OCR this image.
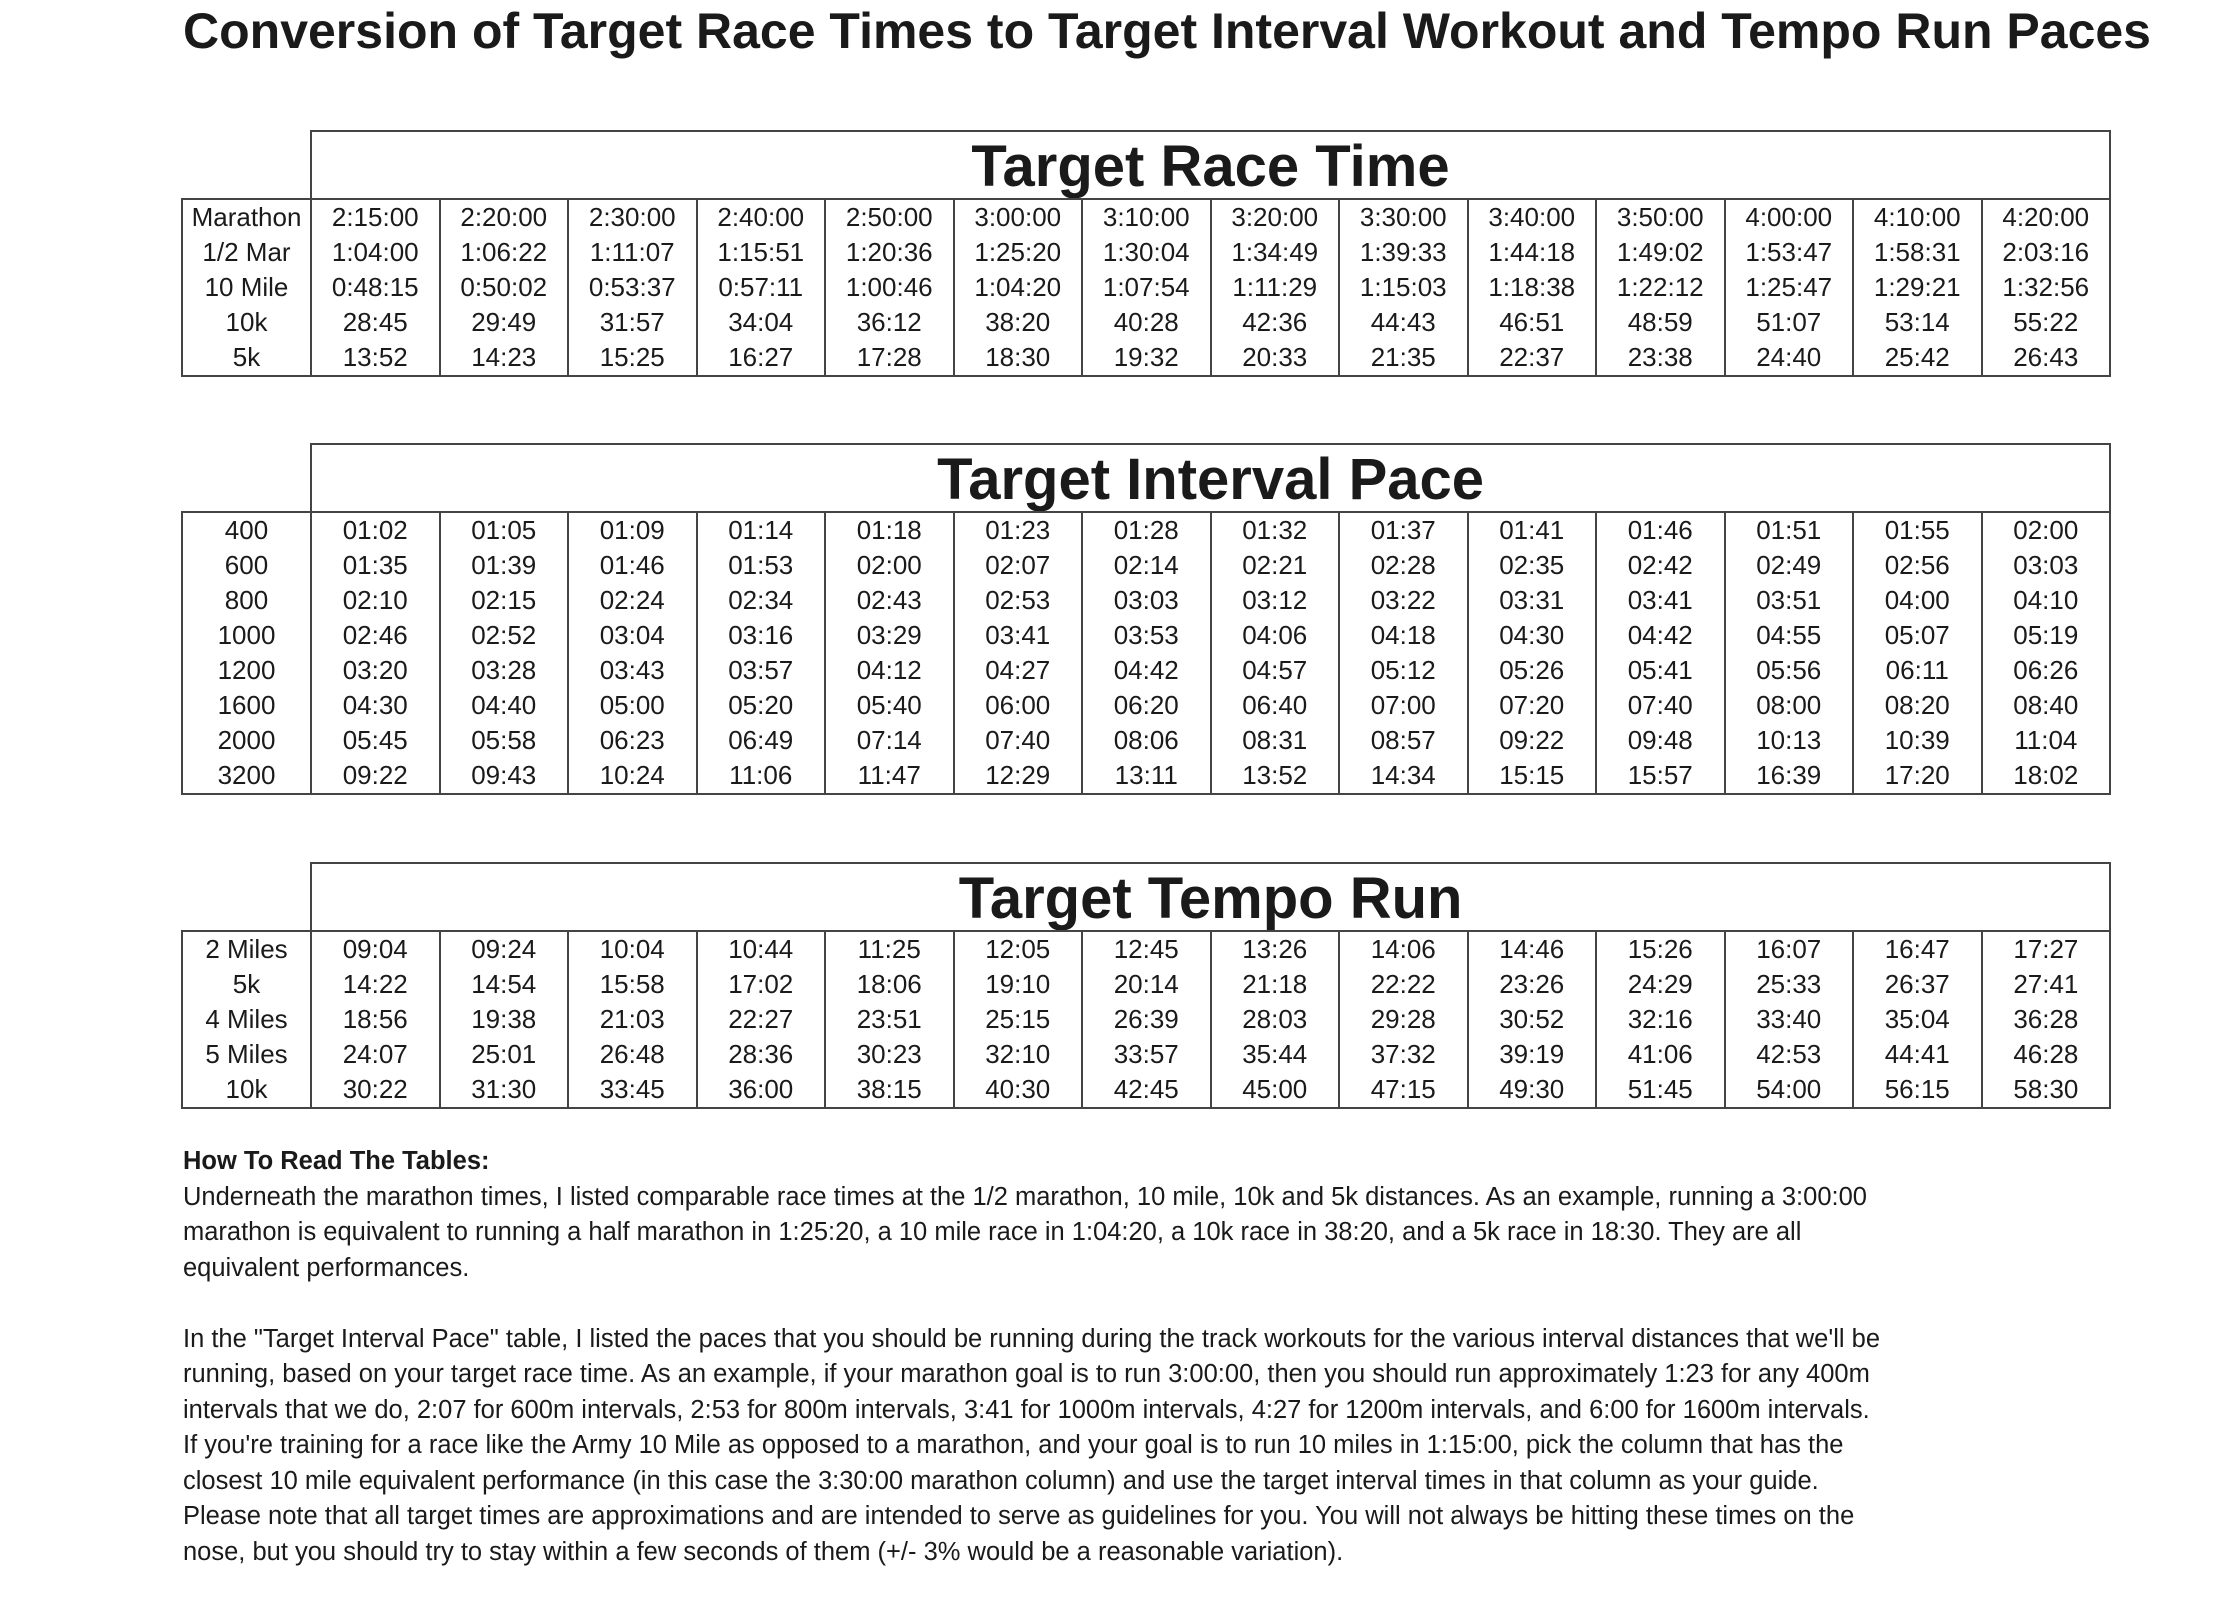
Conversion of Target Race Times to Target Interval Workout and Tempo Run Paces
	Target Race Time													
Marathon	2:15:00	2:20:00	2:30:00	2:40:00	2:50:00	3:00:00	3:10:00	3:20:00	3:30:00	3:40:00	3:50:00	4:00:00	4:10:00	4:20:00
1/2 Mar	1:04:00	1:06:22	1:11:07	1:15:51	1:20:36	1:25:20	1:30:04	1:34:49	1:39:33	1:44:18	1:49:02	1:53:47	1:58:31	2:03:16
10 Mile	0:48:15	0:50:02	0:53:37	0:57:11	1:00:46	1:04:20	1:07:54	1:11:29	1:15:03	1:18:38	1:22:12	1:25:47	1:29:21	1:32:56
10k	28:45	29:49	31:57	34:04	36:12	38:20	40:28	42:36	44:43	46:51	48:59	51:07	53:14	55:22
5k	13:52	14:23	15:25	16:27	17:28	18:30	19:32	20:33	21:35	22:37	23:38	24:40	25:42	26:43
	Target Interval Pace													
400	01:02	01:05	01:09	01:14	01:18	01:23	01:28	01:32	01:37	01:41	01:46	01:51	01:55	02:00
600	01:35	01:39	01:46	01:53	02:00	02:07	02:14	02:21	02:28	02:35	02:42	02:49	02:56	03:03
800	02:10	02:15	02:24	02:34	02:43	02:53	03:03	03:12	03:22	03:31	03:41	03:51	04:00	04:10
1000	02:46	02:52	03:04	03:16	03:29	03:41	03:53	04:06	04:18	04:30	04:42	04:55	05:07	05:19
1200	03:20	03:28	03:43	03:57	04:12	04:27	04:42	04:57	05:12	05:26	05:41	05:56	06:11	06:26
1600	04:30	04:40	05:00	05:20	05:40	06:00	06:20	06:40	07:00	07:20	07:40	08:00	08:20	08:40
2000	05:45	05:58	06:23	06:49	07:14	07:40	08:06	08:31	08:57	09:22	09:48	10:13	10:39	11:04
3200	09:22	09:43	10:24	11:06	11:47	12:29	13:11	13:52	14:34	15:15	15:57	16:39	17:20	18:02
	Target Tempo Run													
2 Miles	09:04	09:24	10:04	10:44	11:25	12:05	12:45	13:26	14:06	14:46	15:26	16:07	16:47	17:27
5k	14:22	14:54	15:58	17:02	18:06	19:10	20:14	21:18	22:22	23:26	24:29	25:33	26:37	27:41
4 Miles	18:56	19:38	21:03	22:27	23:51	25:15	26:39	28:03	29:28	30:52	32:16	33:40	35:04	36:28
5 Miles	24:07	25:01	26:48	28:36	30:23	32:10	33:57	35:44	37:32	39:19	41:06	42:53	44:41	46:28
10k	30:22	31:30	33:45	36:00	38:15	40:30	42:45	45:00	47:15	49:30	51:45	54:00	56:15	58:30

How To Read The Tables:

Underneath the marathon times, I listed comparable race times at the 1/2 marathon, 10 mile, 10k and 5k distances. As an example, running a 3:00:00

marathon is equivalent to running a half marathon in 1:25:20, a 10 mile race in 1:04:20, a 10k race in 38:20, and a 5k race in 18:30. They are all

equivalent performances.

In the "Target Interval Pace" table, I listed the paces that you should be running during the track workouts for the various interval distances that we'll be

running, based on your target race time. As an example, if your marathon goal is to run 3:00:00, then you should run approximately 1:23 for any 400m

intervals that we do, 2:07 for 600m intervals, 2:53 for 800m intervals, 3:41 for 1000m intervals, 4:27 for 1200m intervals, and 6:00 for 1600m intervals.

If you're training for a race like the Army 10 Mile as opposed to a marathon, and your goal is to run 10 miles in 1:15:00, pick the column that has the

closest 10 mile equivalent performance (in this case the 3:30:00 marathon column) and use the target interval times in that column as your guide.

Please note that all target times are approximations and are intended to serve as guidelines for you. You will not always be hitting these times on the

nose, but you should try to stay within a few seconds of them (+/- 3% would be a reasonable variation).
